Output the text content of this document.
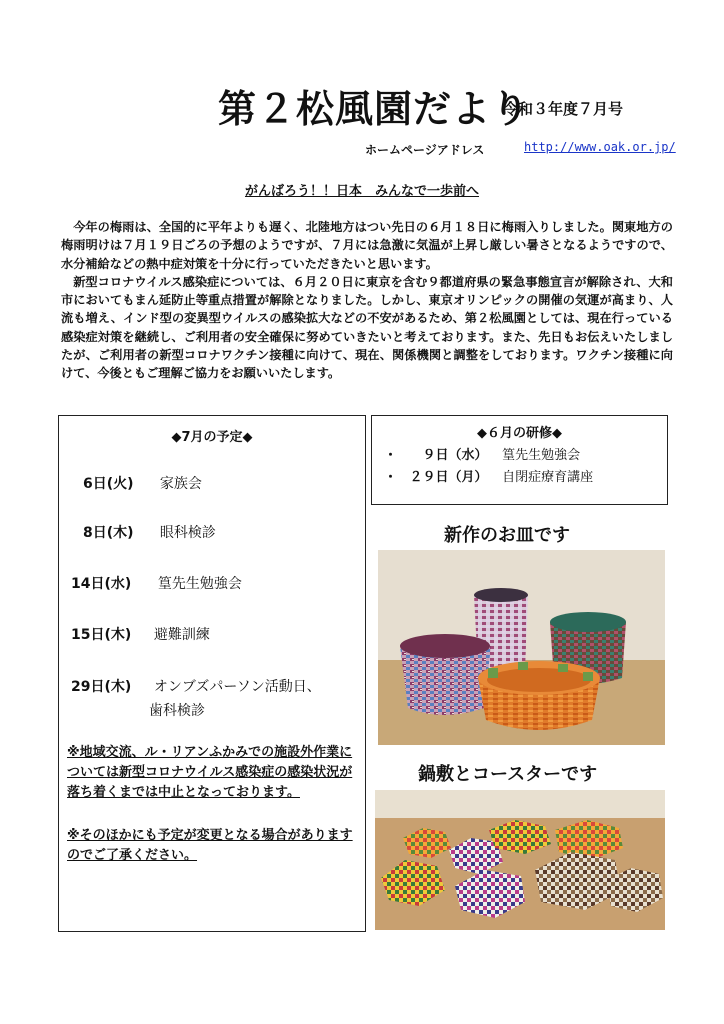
第２松風園だより
令和３年度７月号
ホームページアドレス	http://www.oak.or.jp/
がんばろう！！日本　みんなで一歩前へ

今年の梅雨は、全国的に平年よりも遅く、北陸地方はつい先日の６月１８日に梅雨入りしました。関東地方の梅雨明けは７月１９日ごろの予想のようですが、７月には急激に気温が上昇し厳しい暑さとなるようですので、水分補給などの熱中症対策を十分に行っていただきたいと思います。

新型コロナウイルス感染症については、６月２０日に東京を含む９都道府県の緊急事態宣言が解除され、大和市においてもまん延防止等重点措置が解除となりました。しかし、東京オリンピックの開催の気運が高まり、人流も増え、インド型の変異型ウイルスの感染拡大などの不安があるため、第２松風園としては、現在行っている感染症対策を継続し、ご利用者の安全確保に努めていきたいと考えております。また、先日もお伝えいたしましたが、ご利用者の新型コロナワクチン接種に向けて、現在、関係機関と調整をしております。ワクチン接種に向けて、今後ともご理解ご協力をお願いいたします。

◆7月の予定◆
6日(火) 家族会
8日(木) 眼科検診
14日(水) 篁先生勉強会
15日(木) 避難訓練
29日(木) オンブズパーソン活動日、
歯科検診
※地域交流、ル・リアンふかみでの施設外作業については新型コロナウイルス感染症の感染状況が落ち着くまでは中止となっております。
※そのほかにも予定が変更となる場合がありますのでご了承ください。
◆６月の研修◆
・ ９日（水） 篁先生勉強会
・ ２９日（月） 自閉症療育講座
新作のお皿です
鍋敷とコースターです
